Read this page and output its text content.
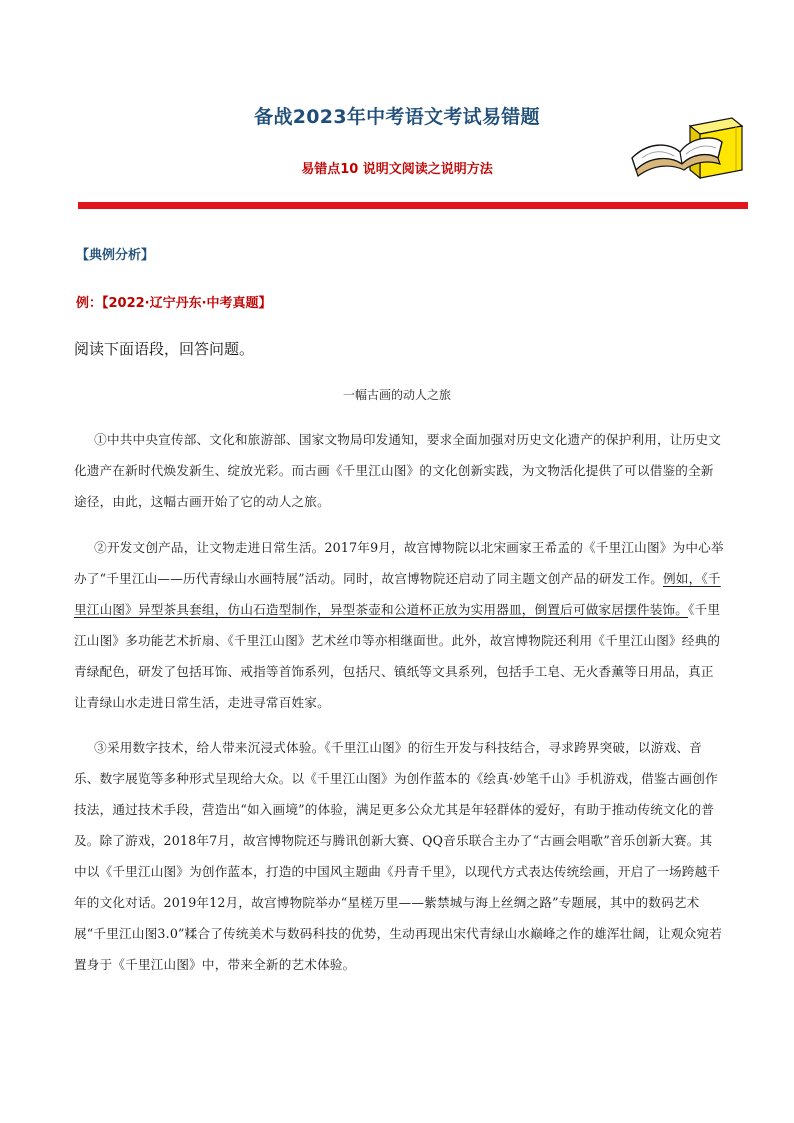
备战2023年中考语文考试易错题
易错点10 说明文阅读之说明方法
【典例分析】
例：【2022·辽宁丹东·中考真题】
阅读下面语段，回答问题。
一幅古画的动人之旅

①中共中央宣传部、文化和旅游部、国家文物局印发通知，要求全面加强对历史文化遗产的保护利用，让历史文化遗产在新时代焕发新生、绽放光彩。而古画《千里江山图》的文化创新实践，为文物活化提供了可以借鉴的全新途径，由此，这幅古画开始了它的动人之旅。

②开发文创产品，让文物走进日常生活。2017年9月，故宫博物院以北宋画家王希孟的《千里江山图》为中心举办了“千里江山——历代青绿山水画特展”活动。同时，故宫博物院还启动了同主题文创产品的研发工作。例如，《千里江山图》异型茶具套组，仿山石造型制作，异型茶壶和公道杯正放为实用器皿，倒置后可做家居摆件装饰。《千里江山图》多功能艺术折扇、《千里江山图》艺术丝巾等亦相继面世。此外，故宫博物院还利用《千里江山图》经典的青绿配色，研发了包括耳饰、戒指等首饰系列，包括尺、镇纸等文具系列，包括手工皂、无火香薰等日用品，真正让青绿山水走进日常生活，走进寻常百姓家。

③采用数字技术，给人带来沉浸式体验。《千里江山图》的衍生开发与科技结合，寻求跨界突破，以游戏、音乐、数字展览等多种形式呈现给大众。以《千里江山图》为创作蓝本的《绘真·妙笔千山》手机游戏，借鉴古画创作技法，通过技术手段，营造出“如入画境”的体验，满足更多公众尤其是年轻群体的爱好，有助于推动传统文化的普及。除了游戏，2018年7月，故宫博物院还与腾讯创新大赛、QQ音乐联合主办了“古画会唱歌”音乐创新大赛。其中以《千里江山图》为创作蓝本，打造的中国风主题曲《丹青千里》，以现代方式表达传统绘画，开启了一场跨越千年的文化对话。2019年12月，故宫博物院举办“星槎万里——紫禁城与海上丝绸之路”专题展，其中的数码艺术展“千里江山图3.0”糅合了传统美术与数码科技的优势，生动再现出宋代青绿山水巅峰之作的雄浑壮阔，让观众宛若置身于《千里江山图》中，带来全新的艺术体验。
